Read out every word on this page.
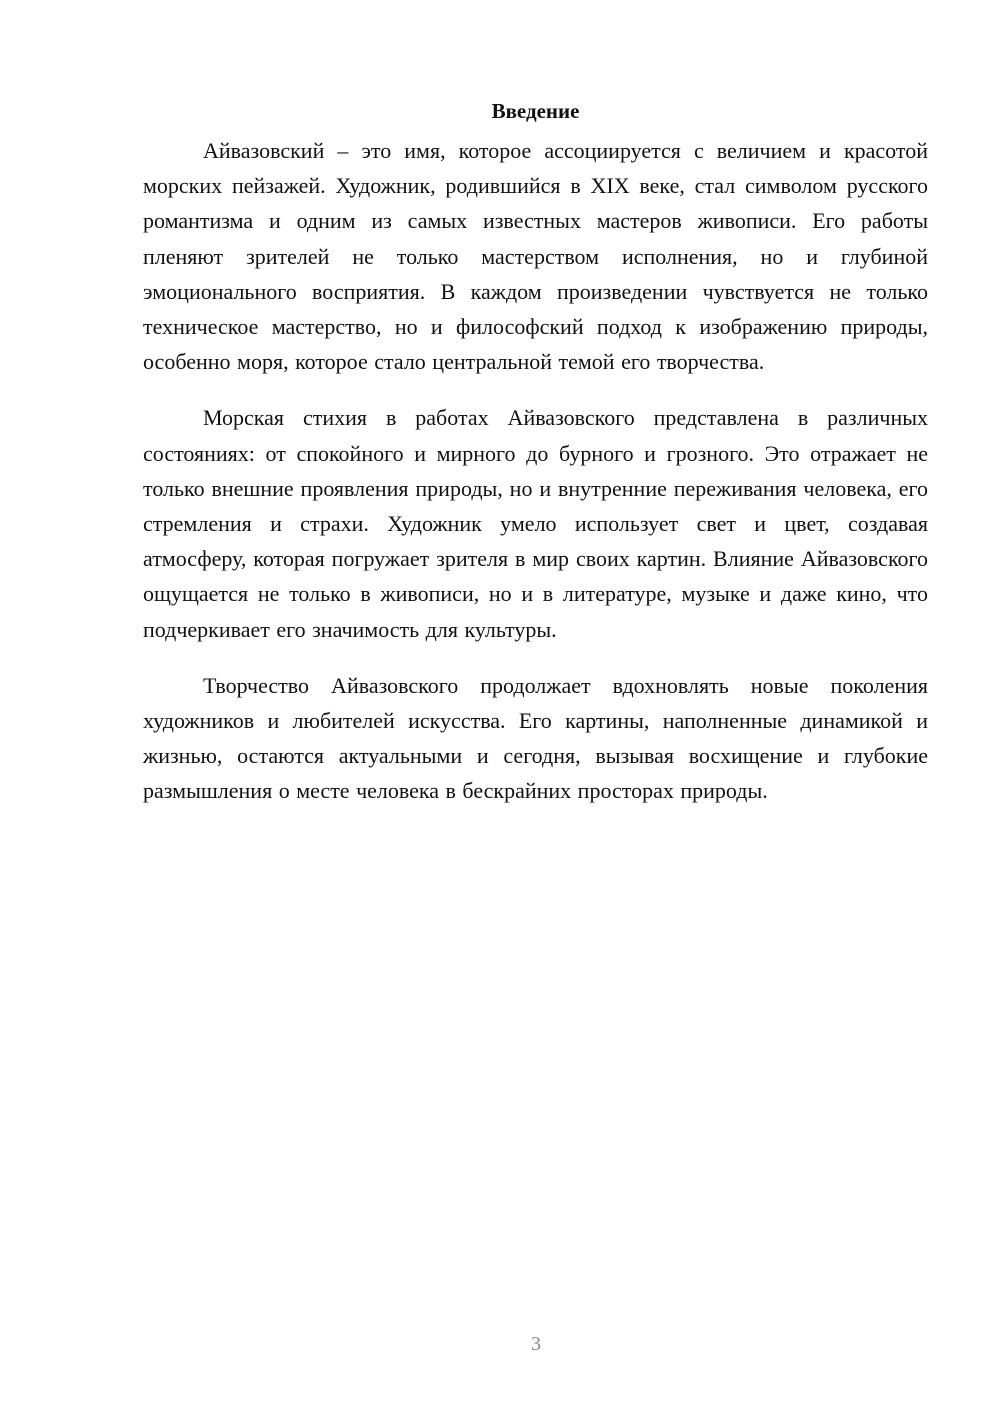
Введение

Айвазовский – это имя, которое ассоциируется с величием и красотой морских пейзажей. Художник, родившийся в XIX веке, стал символом русского романтизма и одним из самых известных мастеров живописи. Его работы пленяют зрителей не только мастерством исполнения, но и глубиной эмоционального восприятия. В каждом произведении чувствуется не только техническое мастерство, но и философский подход к изображению природы, особенно моря, которое стало центральной темой его творчества.

Морская стихия в работах Айвазовского представлена в различных состояниях: от спокойного и мирного до бурного и грозного. Это отражает не только внешние проявления природы, но и внутренние переживания человека, его стремления и страхи. Художник умело использует свет и цвет, создавая атмосферу, которая погружает зрителя в мир своих картин. Влияние Айвазовского ощущается не только в живописи, но и в литературе, музыке и даже кино, что подчеркивает его значимость для культуры.

Творчество Айвазовского продолжает вдохновлять новые поколения художников и любителей искусства. Его картины, наполненные динамикой и жизнью, остаются актуальными и сегодня, вызывая восхищение и глубокие размышления о месте человека в бескрайних просторах природы.

3
